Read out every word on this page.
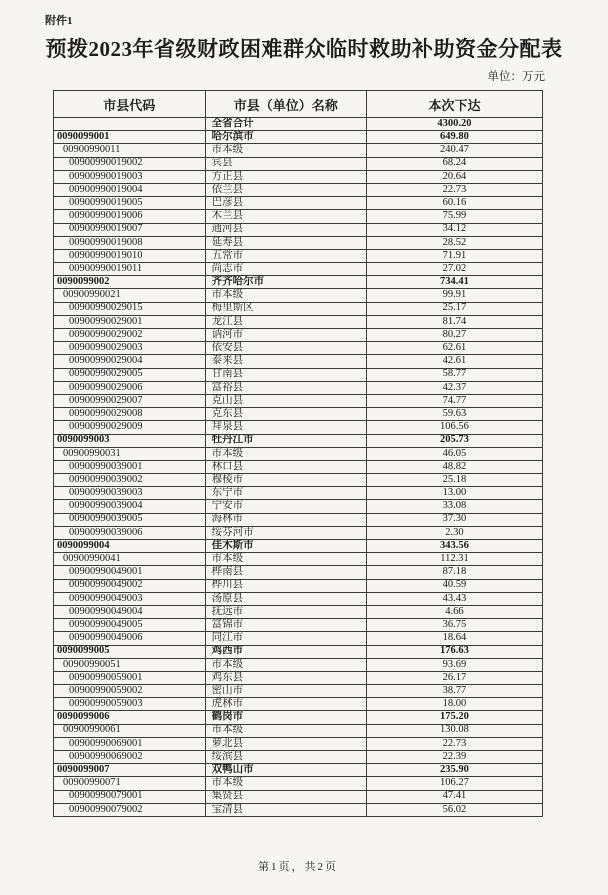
附件1
预拨2023年省级财政困难群众临时救助补助资金分配表
单位：万元
市县代码	市县（单位）名称	本次下达
	全省合计	4300.20
0090099001	哈尔滨市	649.80
00900990011	市本级	240.47
00900990019002	宾县	68.24
00900990019003	方正县	20.64
00900990019004	依兰县	22.73
00900990019005	巴彦县	60.16
00900990019006	木兰县	75.99
00900990019007	通河县	34.12
00900990019008	延寿县	28.52
00900990019010	五常市	71.91
00900990019011	尚志市	27.02
0090099002	齐齐哈尔市	734.41
00900990021	市本级	99.91
00900990029015	梅里斯区	25.17
00900990029001	龙江县	81.74
00900990029002	讷河市	80.27
00900990029003	依安县	62.61
00900990029004	泰来县	42.61
00900990029005	甘南县	58.77
00900990029006	富裕县	42.37
00900990029007	克山县	74.77
00900990029008	克东县	59.63
00900990029009	拜泉县	106.56
0090099003	牡丹江市	205.73
00900990031	市本级	46.05
00900990039001	林口县	48.82
00900990039002	穆棱市	25.18
00900990039003	东宁市	13.00
00900990039004	宁安市	33.08
00900990039005	海林市	37.30
00900990039006	绥芬河市	2.30
0090099004	佳木斯市	343.56
00900990041	市本级	112.31
00900990049001	桦南县	87.18
00900990049002	桦川县	40.59
00900990049003	汤原县	43.43
00900990049004	抚远市	4.66
00900990049005	富锦市	36.75
00900990049006	同江市	18.64
0090099005	鸡西市	176.63
00900990051	市本级	93.69
00900990059001	鸡东县	26.17
00900990059002	密山市	38.77
00900990059003	虎林市	18.00
0090099006	鹤岗市	175.20
00900990061	市本级	130.08
00900990069001	萝北县	22.73
00900990069002	绥滨县	22.39
0090099007	双鸭山市	235.90
00900990071	市本级	106.27
00900990079001	集贤县	47.41
00900990079002	宝清县	56.02
第1页，共2页
